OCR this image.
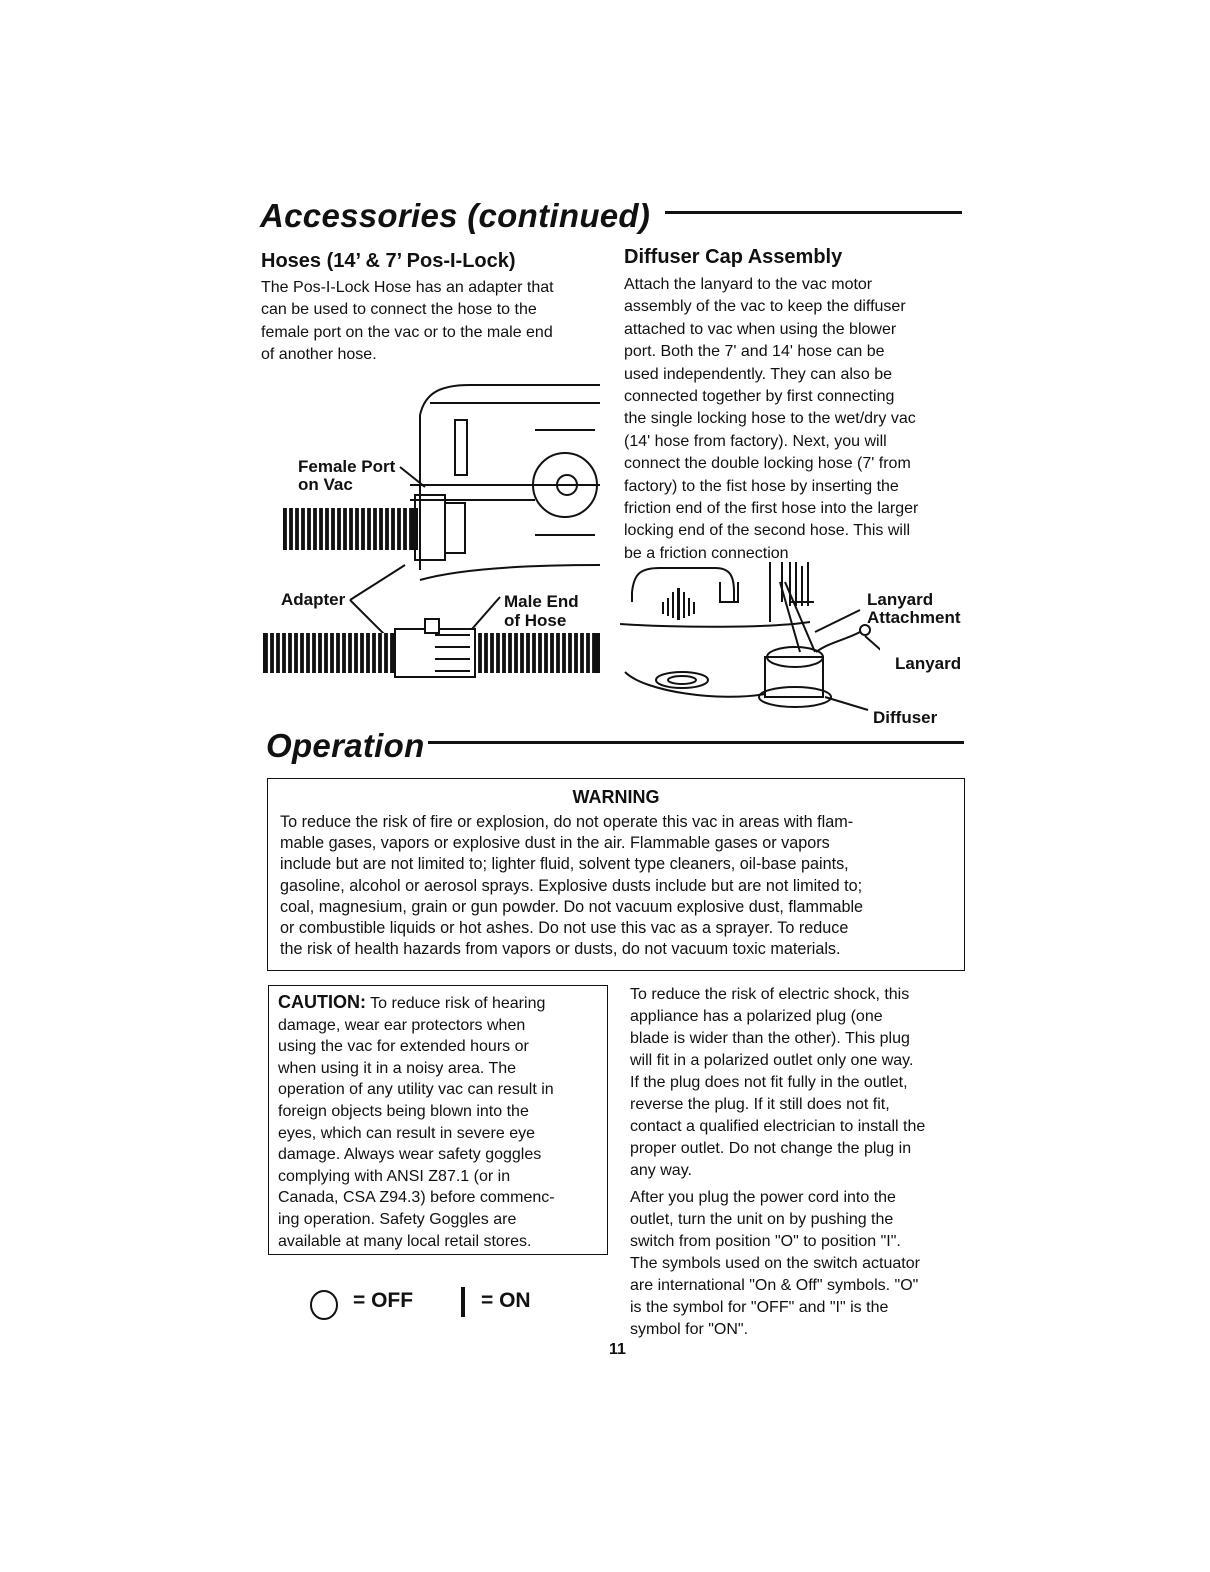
Accessories (continued)
Hoses (14’ & 7’ Pos-I-Lock)

The Pos-I-Lock Hose has an adapter that

can be used to connect the hose to the

female port on the vac or to the male end

of another hose.

Female Port
on Vac
Adapter	Male End
of Hose
Diffuser Cap Assembly

Attach the lanyard to the vac motor

assembly of the vac to keep the diffuser

attached to vac when using the blower

port. Both the 7' and 14' hose can be

used independently. They can also be

connected together by first connecting

the single locking hose to the wet/dry vac

(14' hose from factory). Next, you will

connect the double locking hose (7' from

factory) to the fist hose by inserting the

friction end of the first hose into the larger

locking end of the second hose. This will

be a friction connection

Lanyard
Attachment
Lanyard
Diffuser
Operation
WARNING

To reduce the risk of fire or explosion, do not operate this vac in areas with flam-

mable gases, vapors or explosive dust in the air. Flammable gases or vapors

include but are not limited to; lighter fluid, solvent type cleaners, oil-base paints,

gasoline, alcohol or aerosol sprays. Explosive dusts include but are not limited to;

coal, magnesium, grain or gun powder. Do not vacuum explosive dust, flammable

or combustible liquids or hot ashes. Do not use this vac as a sprayer. To reduce

the risk of health hazards from vapors or dusts, do not vacuum toxic materials.

CAUTION: To reduce risk of hearing

damage, wear ear protectors when

using the vac for extended hours or

when using it in a noisy area. The

operation of any utility vac can result in

foreign objects being blown into the

eyes, which can result in severe eye

damage. Always wear safety goggles

complying with ANSI Z87.1 (or in

Canada, CSA Z94.3) before commenc-

ing operation. Safety Goggles are

available at many local retail stores.

= OFF	= ON

To reduce the risk of electric shock, this

appliance has a polarized plug (one

blade is wider than the other). This plug

will fit in a polarized outlet only one way.

If the plug does not fit fully in the outlet,

reverse the plug. If it still does not fit,

contact a qualified electrician to install the

proper outlet. Do not change the plug in

any way.

After you plug the power cord into the

outlet, turn the unit on by pushing the

switch from position "O" to position "I".

The symbols used on the switch actuator

are international "On & Off" symbols. "O"

is the symbol for "OFF" and "I" is the

symbol for "ON".

11
